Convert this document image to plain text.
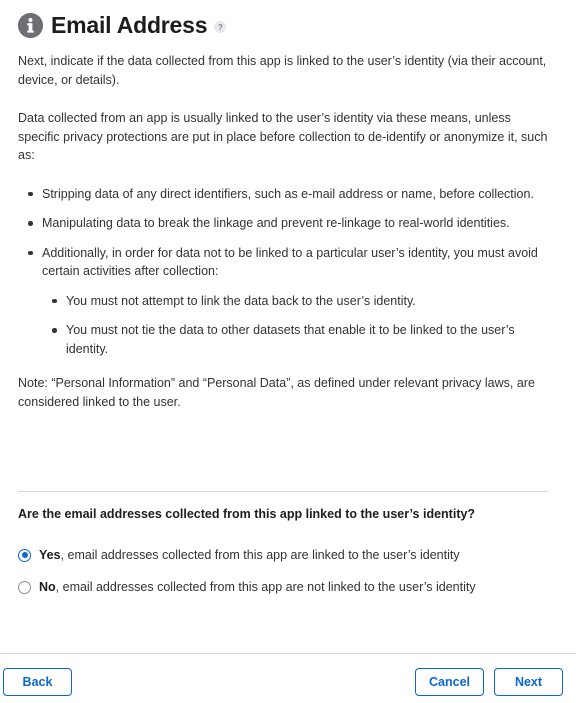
Email Address	?

Next, indicate if the data collected from this app is linked to the user’s identity (via their account, device, or details).

Data collected from an app is usually linked to the user’s identity via these means, unless specific privacy protections are put in place before collection to de-identify or anonymize it, such as:

Stripping data of any direct identifiers, such as e-mail address or name, before collection.
Manipulating data to break the linkage and prevent re-linkage to real-world identities.
Additionally, in order for data not to be linked to a particular user’s identity, you must avoid certain activities after collection:
You must not attempt to link the data back to the user’s identity.
You must not tie the data to other datasets that enable it to be linked to the user’s identity.

Note: “Personal Information” and “Personal Data”, as defined under relevant privacy laws, are considered linked to the user.

Are the email addresses collected from this app linked to the user’s identity?
Yes, email addresses collected from this app are linked to the user’s identity
No, email addresses collected from this app are not linked to the user’s identity
Back	Cancel	Next
